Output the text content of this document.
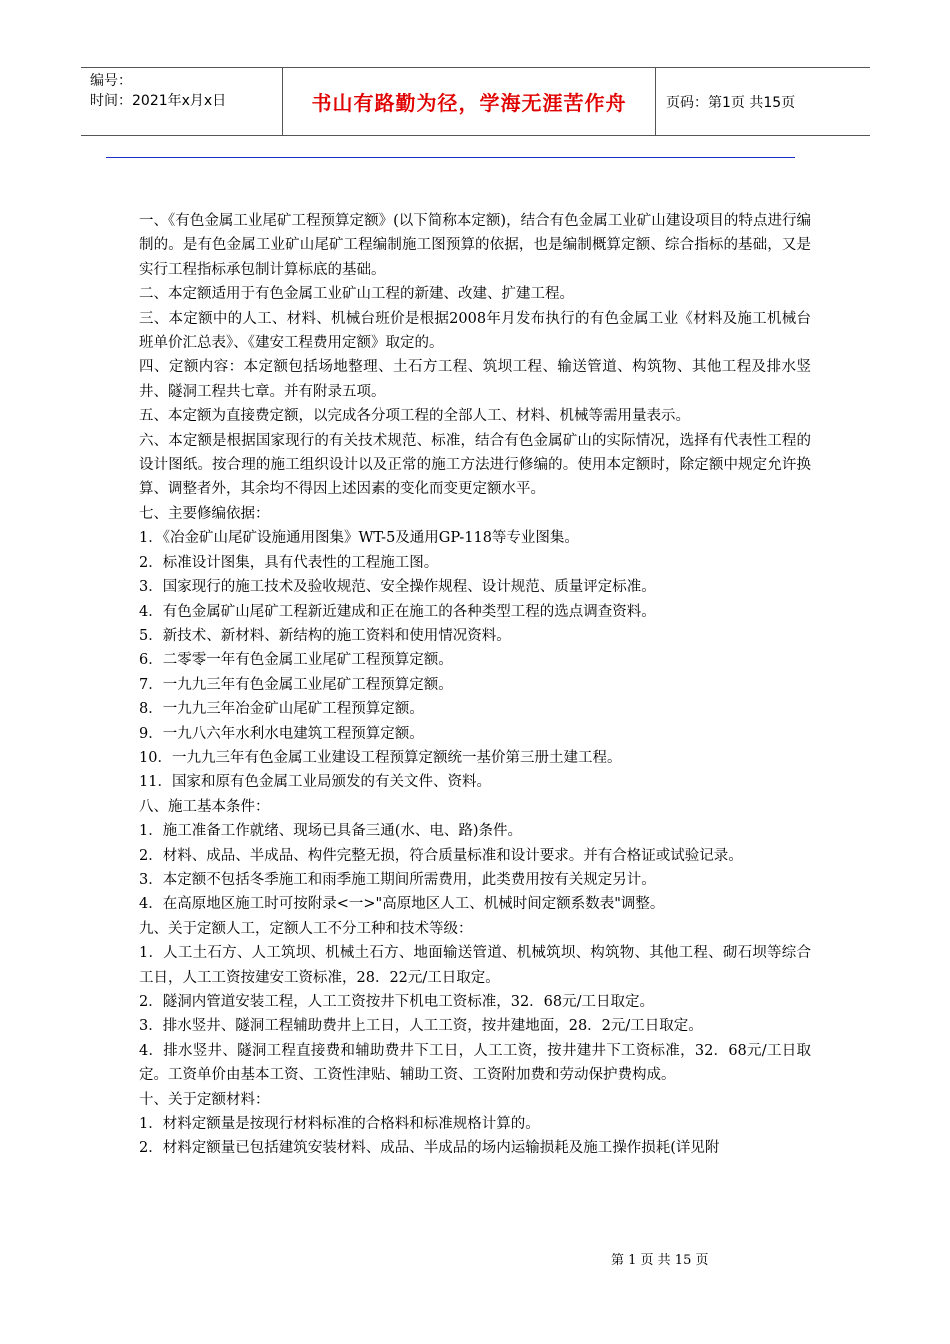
编号：
时间：2021年x月x日	书山有路勤为径，学海无涯苦作舟	页码：第1页 共15页

一、《有色金属工业尾矿工程预算定额》(以下简称本定额)，结合有色金属工业矿山建设项目的特点进行编制的。是有色金属工业矿山尾矿工程编制施工图预算的依据，也是编制概算定额、综合指标的基础，又是实行工程指标承包制计算标底的基础。

二、本定额适用于有色金属工业矿山工程的新建、改建、扩建工程。

三、本定额中的人工、材料、机械台班价是根据2008年月发布执行的有色金属工业《材料及施工机械台班单价汇总表》、《建安工程费用定额》取定的。

四、定额内容：本定额包括场地整理、土石方工程、筑坝工程、输送管道、构筑物、其他工程及排水竖井、隧洞工程共七章。并有附录五项。

五、本定额为直接费定额，以完成各分项工程的全部人工、材料、机械等需用量表示。

六、本定额是根据国家现行的有关技术规范、标准，结合有色金属矿山的实际情况，选择有代表性工程的设计图纸。按合理的施工组织设计以及正常的施工方法进行修编的。使用本定额时，除定额中规定允许换算、调整者外，其余均不得因上述因素的变化而变更定额水平。

七、主要修编依据：

1．《冶金矿山尾矿设施通用图集》WT-5及通用GP-118等专业图集。

2．标准设计图集，具有代表性的工程施工图。

3．国家现行的施工技术及验收规范、安全操作规程、设计规范、质量评定标准。

4．有色金属矿山尾矿工程新近建成和正在施工的各种类型工程的选点调查资料。

5．新技术、新材料、新结构的施工资料和使用情况资料。

6．二零零一年有色金属工业尾矿工程预算定额。

7．一九九三年有色金属工业尾矿工程预算定额。

8．一九九三年冶金矿山尾矿工程预算定额。

9．一九八六年水利水电建筑工程预算定额。

10．一九九三年有色金属工业建设工程预算定额统一基价第三册土建工程。

11．国家和原有色金属工业局颁发的有关文件、资料。

八、施工基本条件：

1．施工准备工作就绪、现场已具备三通(水、电、路)条件。

2．材料、成品、半成品、构件完整无损，符合质量标准和设计要求。并有合格证或试验记录。

3．本定额不包括冬季施工和雨季施工期间所需费用，此类费用按有关规定另计。

4．在高原地区施工时可按附录<一>"高原地区人工、机械时间定额系数表"调整。

九、关于定额人工，定额人工不分工种和技术等级：

1．人工土石方、人工筑坝、机械土石方、地面输送管道、机械筑坝、构筑物、其他工程、砌石坝等综合工日，人工工资按建安工资标准，28．22元/工日取定。

2．隧洞内管道安装工程，人工工资按井下机电工资标准，32．68元/工日取定。

3．排水竖井、隧洞工程辅助费井上工日，人工工资，按井建地面，28．2元/工日取定。

4．排水竖井、隧洞工程直接费和辅助费井下工日，人工工资，按井建井下工资标准，32．68元/工日取定。工资单价由基本工资、工资性津贴、辅助工资、工资附加费和劳动保护费构成。

十、关于定额材料：

1．材料定额量是按现行材料标准的合格料和标准规格计算的。

2．材料定额量已包括建筑安装材料、成品、半成品的场内运输损耗及施工操作损耗(详见附

第 1 页 共 15 页
